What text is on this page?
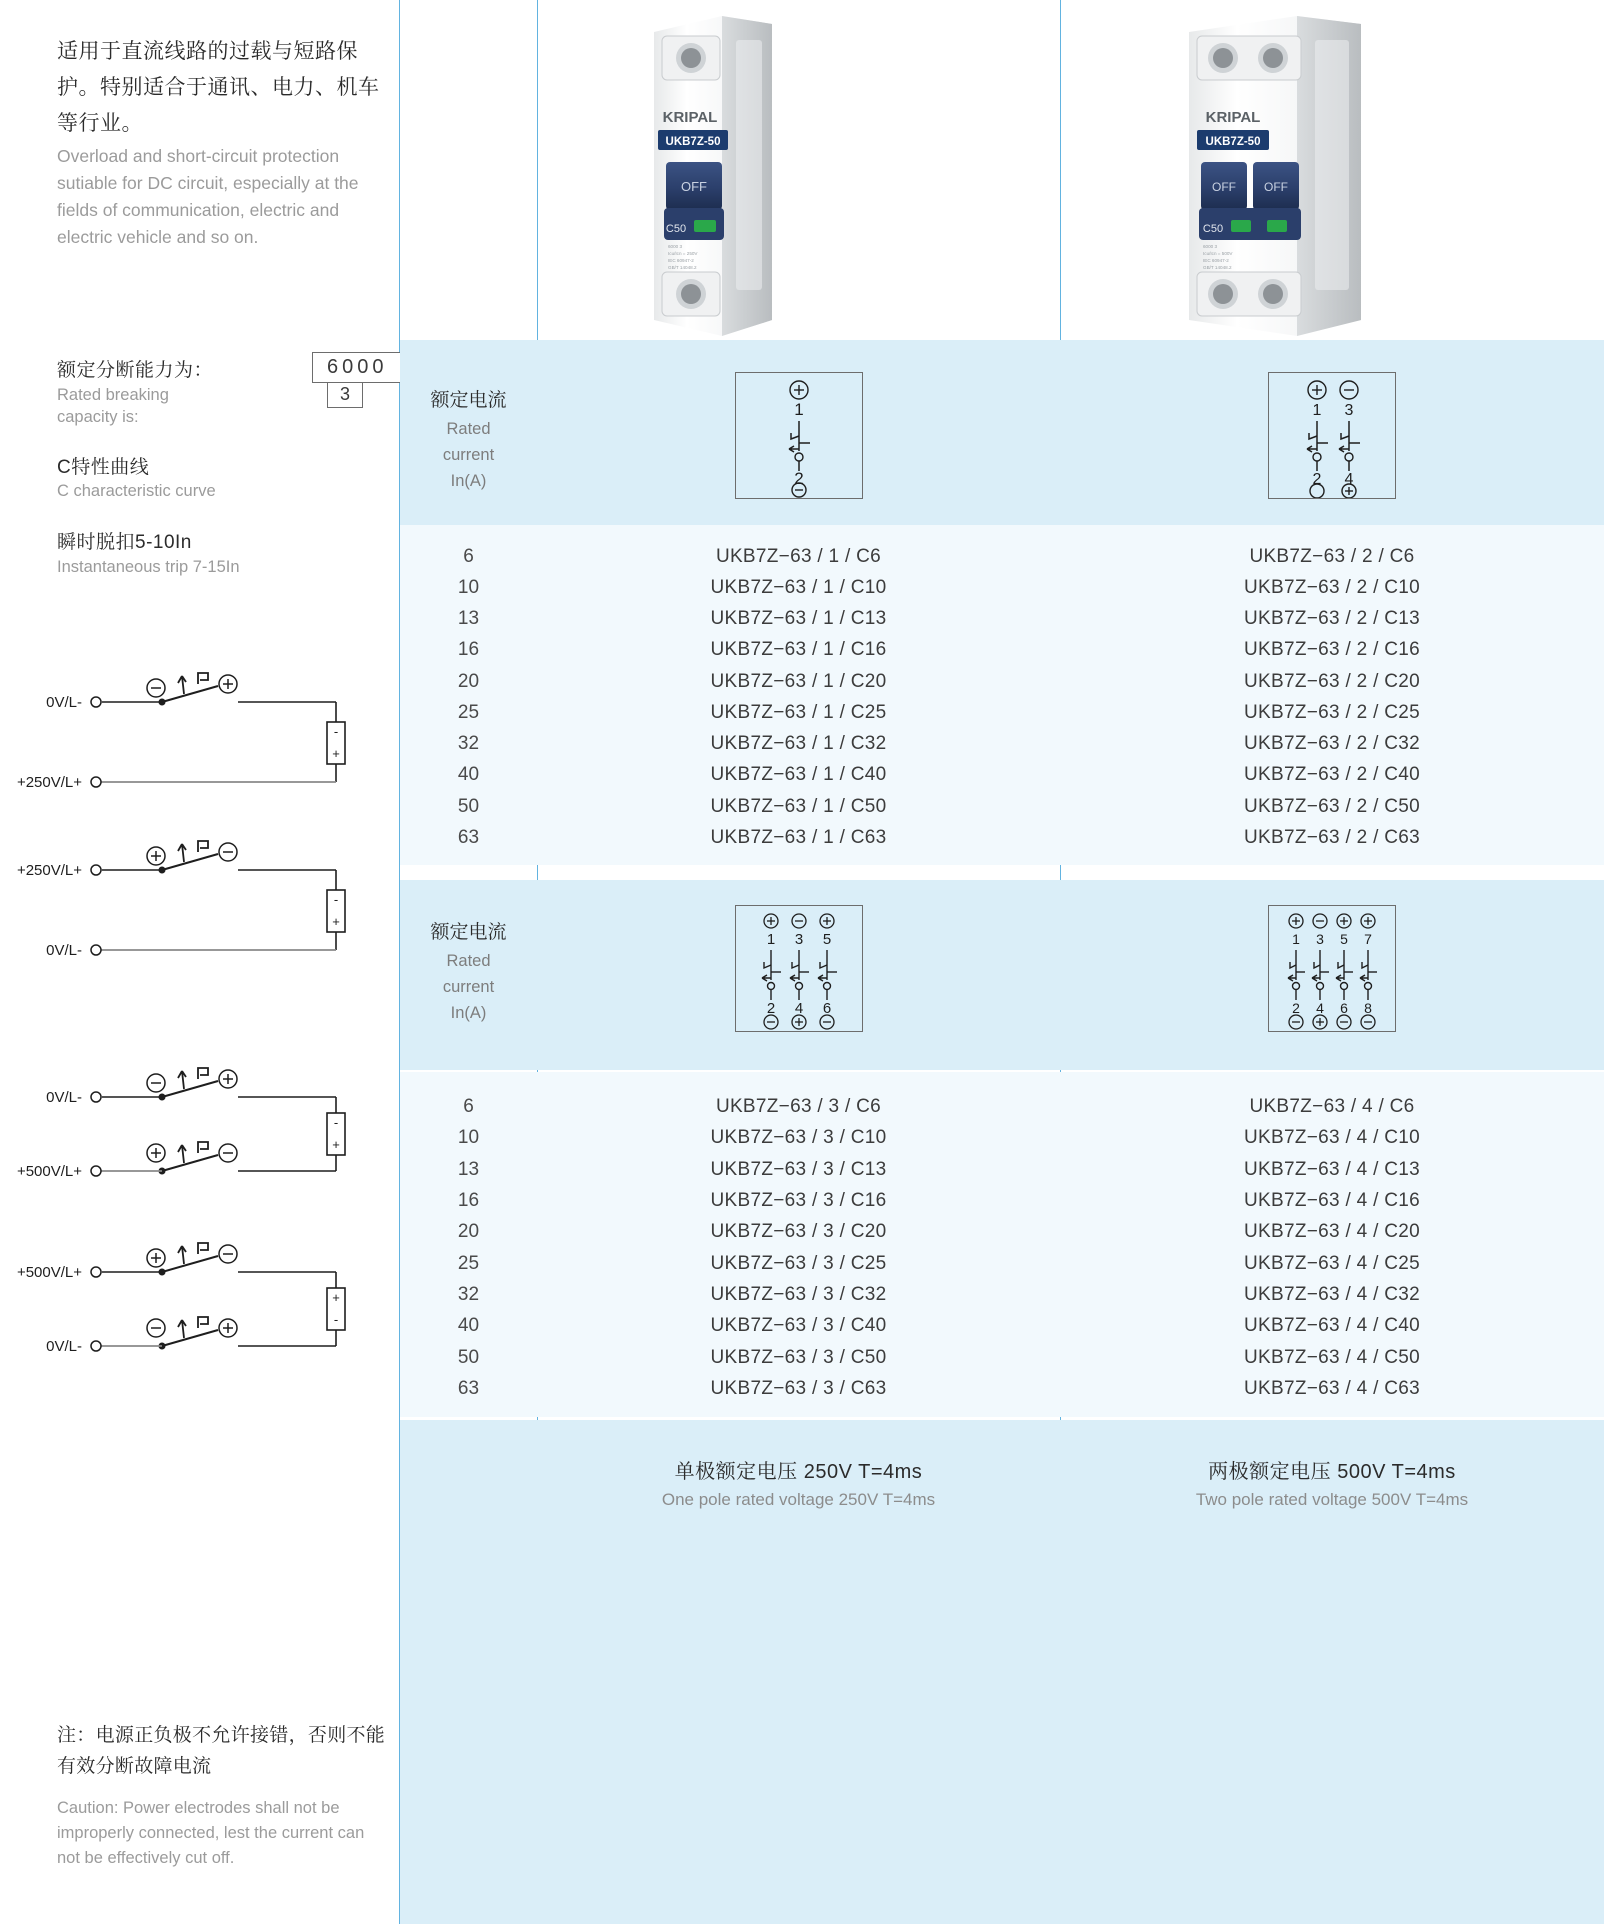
适用于直流线路的过载与短路保护。特别适合于通讯、电力、机车等行业。
Overload and short-circuit protection sutiable for DC circuit, especially at the fields of communication, electric and electric vehicle and so on.
额定分断能力为：
Rated breaking
capacity is:
6000
3
C特性曲线
C characteristic curve
瞬时脱扣5-10In
Instantaneous trip 7-15In
0V/L-
-
+
+250V/L+
+250V/L+
-
+
0V/L-
0V/L-
-
+
+500V/L+
+500V/L+
+
-
0V/L-
注：电源正负极不允许接错，否则不能有效分断故障电流
Caution: Power electrodes shall not be improperly connected, lest the current can not be effectively cut off.
KRIPAL
UKB7Z-50
OFF
C50
6000 3
Icu/Icn = 250V
IEC 60947-2
GB/T 14048.2
KRIPAL
UKB7Z-50
OFF OFF
C50
6000 3
Icu/Icn = 500V
IEC 60947-2
GB/T 14048.2
额定电流
Rated
current
In(A)
1
2
1 3
2 4
6	UKB7Z−63 / 1 / C6	UKB7Z−63 / 2 / C6
10	UKB7Z−63 / 1 / C10	UKB7Z−63 / 2 / C10
13	UKB7Z−63 / 1 / C13	UKB7Z−63 / 2 / C13
16	UKB7Z−63 / 1 / C16	UKB7Z−63 / 2 / C16
20	UKB7Z−63 / 1 / C20	UKB7Z−63 / 2 / C20
25	UKB7Z−63 / 1 / C25	UKB7Z−63 / 2 / C25
32	UKB7Z−63 / 1 / C32	UKB7Z−63 / 2 / C32
40	UKB7Z−63 / 1 / C40	UKB7Z−63 / 2 / C40
50	UKB7Z−63 / 1 / C50	UKB7Z−63 / 2 / C50
63	UKB7Z−63 / 1 / C63	UKB7Z−63 / 2 / C63
额定电流
Rated
current
In(A)
1 3 5
2 4 6
1 3 5 7
2 4 6 8
6	UKB7Z−63 / 3 / C6	UKB7Z−63 / 4 / C6
10	UKB7Z−63 / 3 / C10	UKB7Z−63 / 4 / C10
13	UKB7Z−63 / 3 / C13	UKB7Z−63 / 4 / C13
16	UKB7Z−63 / 3 / C16	UKB7Z−63 / 4 / C16
20	UKB7Z−63 / 3 / C20	UKB7Z−63 / 4 / C20
25	UKB7Z−63 / 3 / C25	UKB7Z−63 / 4 / C25
32	UKB7Z−63 / 3 / C32	UKB7Z−63 / 4 / C32
40	UKB7Z−63 / 3 / C40	UKB7Z−63 / 4 / C40
50	UKB7Z−63 / 3 / C50	UKB7Z−63 / 4 / C50
63	UKB7Z−63 / 3 / C63	UKB7Z−63 / 4 / C63
单极额定电压 250V T=4ms
One pole rated voltage 250V T=4ms
两极额定电压 500V T=4ms
Two pole rated voltage 500V T=4ms
